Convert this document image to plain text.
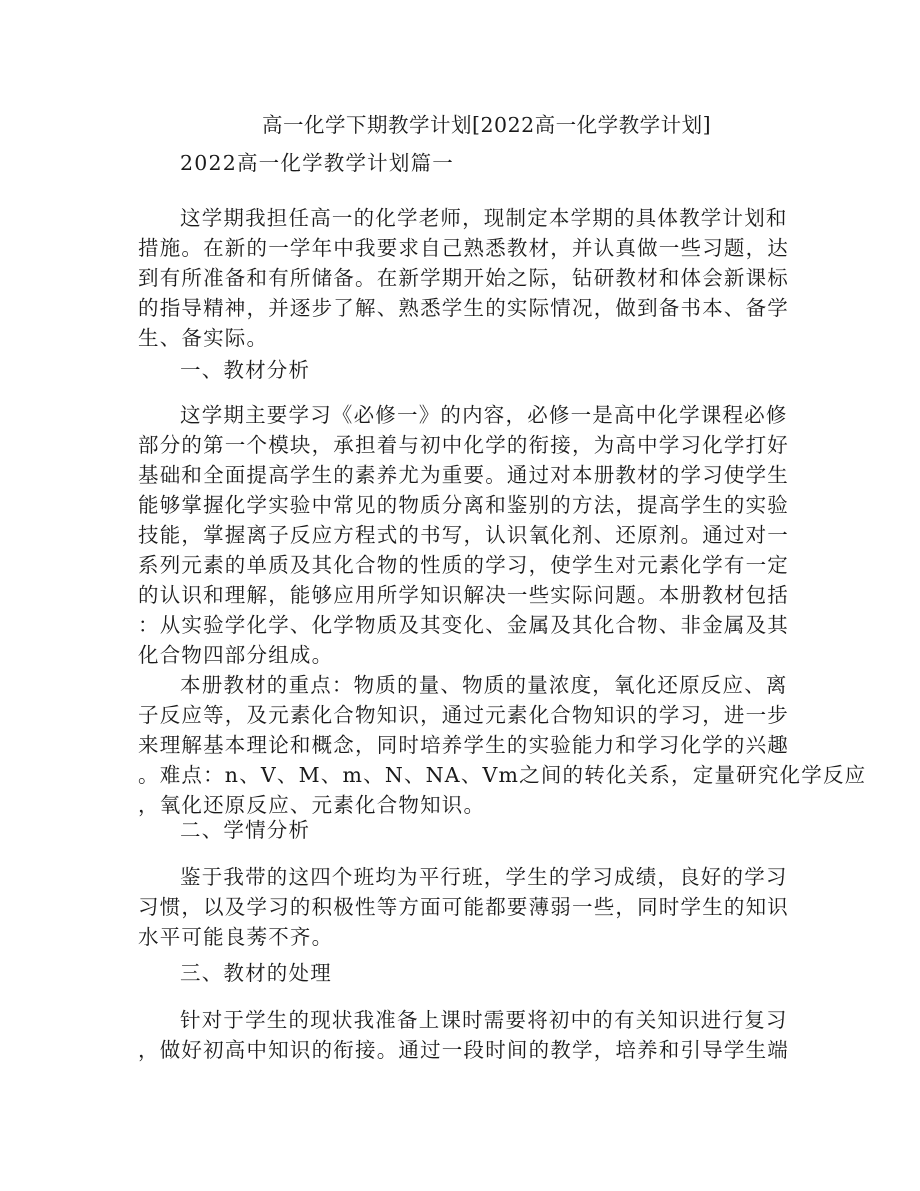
高一化学下期教学计划[2022高一化学教学计划]
2022高一化学教学计划篇一
这学期我担任高一的化学老师，现制定本学期的具体教学计划和
措施。在新的一学年中我要求自己熟悉教材，并认真做一些习题，达
到有所准备和有所储备。在新学期开始之际，钻研教材和体会新课标
的指导精神，并逐步了解、熟悉学生的实际情况，做到备书本、备学
生、备实际。
一、教材分析
这学期主要学习《必修一》的内容，必修一是高中化学课程必修
部分的第一个模块，承担着与初中化学的衔接，为高中学习化学打好
基础和全面提高学生的素养尤为重要。通过对本册教材的学习使学生
能够掌握化学实验中常见的物质分离和鉴别的方法，提高学生的实验
技能，掌握离子反应方程式的书写，认识氧化剂、还原剂。通过对一
系列元素的单质及其化合物的性质的学习，使学生对元素化学有一定
的认识和理解，能够应用所学知识解决一些实际问题。本册教材包括
：从实验学化学、化学物质及其变化、金属及其化合物、非金属及其
化合物四部分组成。
本册教材的重点：物质的量、物质的量浓度，氧化还原反应、离
子反应等，及元素化合物知识，通过元素化合物知识的学习，进一步
来理解基本理论和概念，同时培养学生的实验能力和学习化学的兴趣
。难点：n、V、M、m、N、NA、Vm之间的转化关系，定量研究化学反应
，氧化还原反应、元素化合物知识。
二、学情分析
鉴于我带的这四个班均为平行班，学生的学习成绩，良好的学习
习惯，以及学习的积极性等方面可能都要薄弱一些，同时学生的知识
水平可能良莠不齐。
三、教材的处理
针对于学生的现状我准备上课时需要将初中的有关知识进行复习
，做好初高中知识的衔接。通过一段时间的教学，培养和引导学生端
